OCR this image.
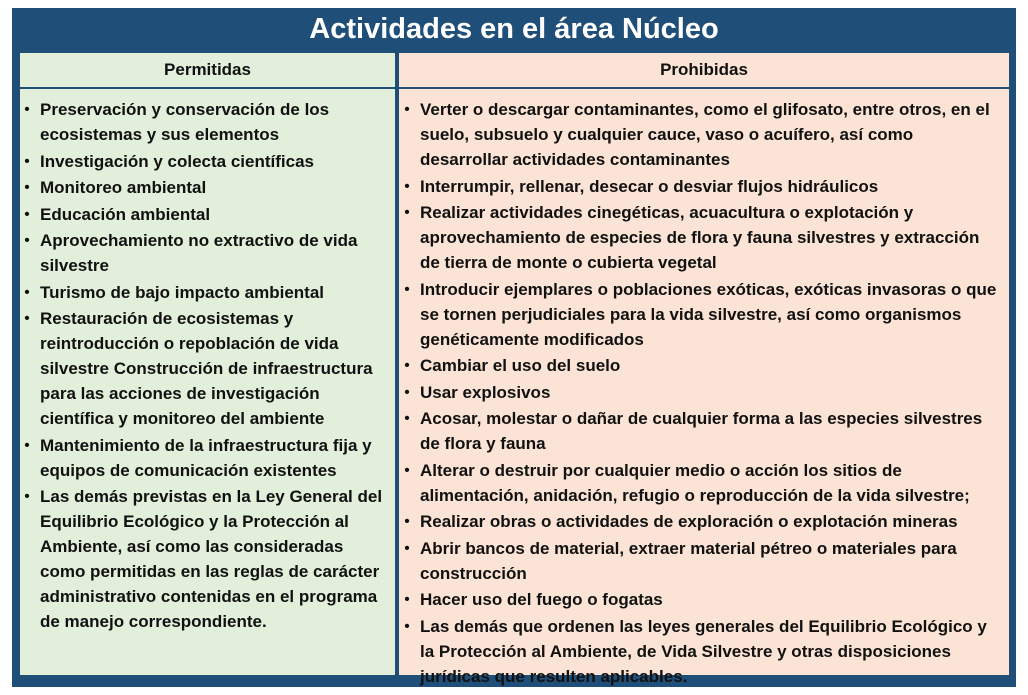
Actividades en el área Núcleo
Permitidas	Prohibidas
• Preservación y conservación de los ecosistemas y sus elementos
• Investigación y colecta científicas
• Monitoreo ambiental
• Educación ambiental
• Aprovechamiento no extractivo de vida silvestre
• Turismo de bajo impacto ambiental
• Restauración de ecosistemas y reintroducción o repoblación de vida silvestre Construcción de infraestructura para las acciones de investigación científica y monitoreo del ambiente
• Mantenimiento de la infraestructura fija y equipos de comunicación existentes
• Las demás previstas en la Ley General del Equilibrio Ecológico y la Protección al Ambiente, así como las consideradas como permitidas en las reglas de carácter administrativo contenidas en el programa de manejo correspondiente.
• Verter o descargar contaminantes, como el glifosato, entre otros, en el suelo, subsuelo y cualquier cauce, vaso o acuífero, así como desarrollar actividades contaminantes
• Interrumpir, rellenar, desecar o desviar flujos hidráulicos
• Realizar actividades cinegéticas, acuacultura o explotación y aprovechamiento de especies de flora y fauna silvestres y extracción de tierra de monte o cubierta vegetal
• Introducir ejemplares o poblaciones exóticas, exóticas invasoras o que se tornen perjudiciales para la vida silvestre, así como organismos genéticamente modificados
• Cambiar el uso del suelo
• Usar explosivos
• Acosar, molestar o dañar de cualquier forma a las especies silvestres de flora y fauna
• Alterar o destruir por cualquier medio o acción los sitios de alimentación, anidación, refugio o reproducción de la vida silvestre;
• Realizar obras o actividades de exploración o explotación mineras
• Abrir bancos de material, extraer material pétreo o materiales para construcción
• Hacer uso del fuego o fogatas
• Las demás que ordenen las leyes generales del Equilibrio Ecológico y la Protección al Ambiente, de Vida Silvestre y otras disposiciones jurídicas que resulten aplicables.
